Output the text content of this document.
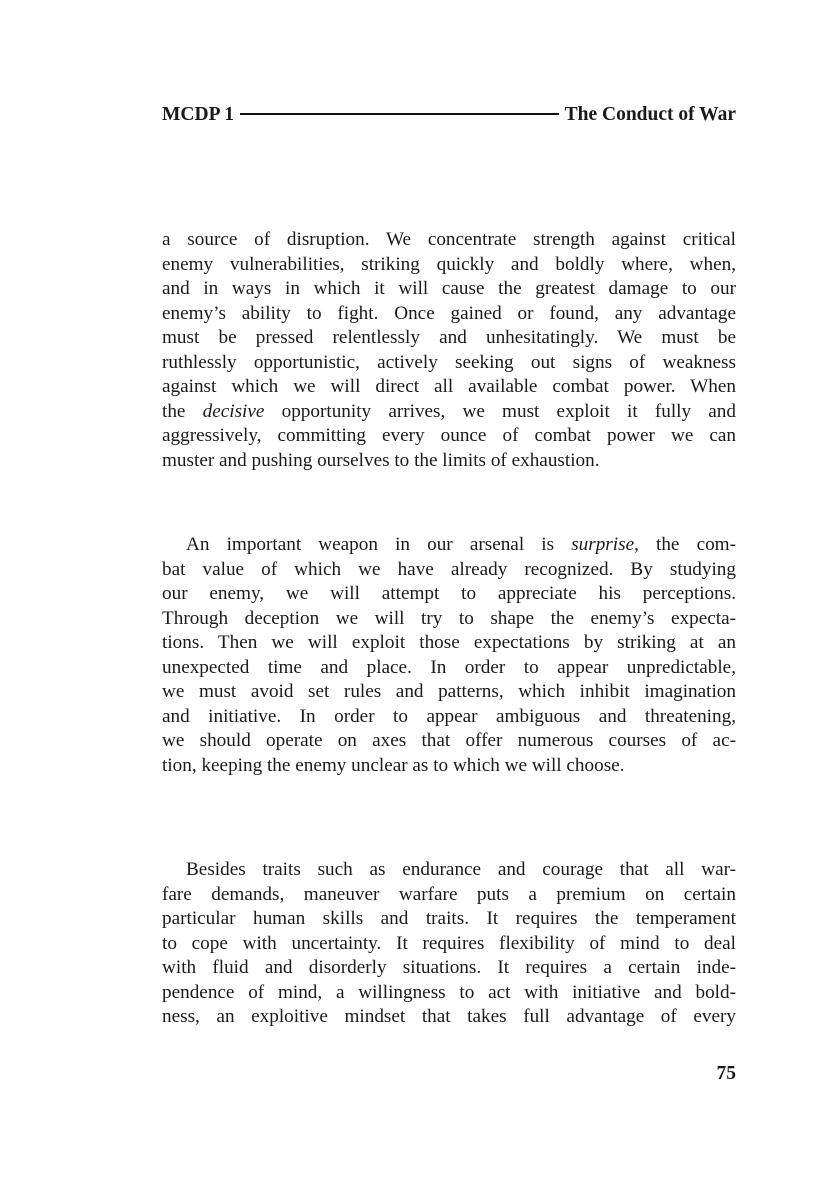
MCDP 1	The Conduct of War
a source of disruption. We concentrate strength against critical
enemy vulnerabilities, striking quickly and boldly where, when,
and in ways in which it will cause the greatest damage to our
enemy’s ability to fight. Once gained or found, any advantage
must be pressed relentlessly and unhesitatingly. We must be
ruthlessly opportunistic, actively seeking out signs of weakness
against which we will direct all available combat power. When
the decisive opportunity arrives, we must exploit it fully and
aggressively, committing every ounce of combat power we can
muster and pushing ourselves to the limits of exhaustion.
An important weapon in our arsenal is surprise, the com-
bat value of which we have already recognized. By studying
our enemy, we will attempt to appreciate his perceptions.
Through deception we will try to shape the enemy’s expecta-
tions. Then we will exploit those expectations by striking at an
unexpected time and place. In order to appear unpredictable,
we must avoid set rules and patterns, which inhibit imagination
and initiative. In order to appear ambiguous and threatening,
we should operate on axes that offer numerous courses of ac-
tion, keeping the enemy unclear as to which we will choose.
Besides traits such as endurance and courage that all war-
fare demands, maneuver warfare puts a premium on certain
particular human skills and traits. It requires the temperament
to cope with uncertainty. It requires flexibility of mind to deal
with fluid and disorderly situations. It requires a certain inde-
pendence of mind, a willingness to act with initiative and bold-
ness, an exploitive mindset that takes full advantage of every
75
